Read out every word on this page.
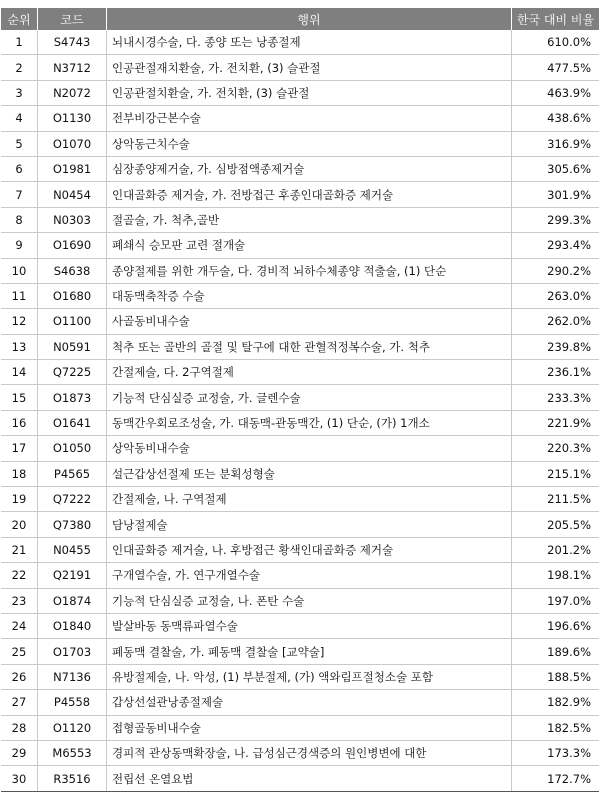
순위	코드	행위	한국 대비 비율
1	S4743	뇌내시경수술, 다. 종양 또는 낭종절제	610.0%
2	N3712	인공관절재치환술, 가. 전치환, (3) 슬관절	477.5%
3	N2072	인공관절치환술, 가. 전치환, (3) 슬관절	463.9%
4	O1130	전부비강근본수술	438.6%
5	O1070	상악동근치수술	316.9%
6	O1981	심장종양제거술, 가. 심방점액종제거술	305.6%
7	N0454	인대골화증 제거술, 가. 전방접근 후종인대골화증 제거술	301.9%
8	N0303	절골술, 가. 척추,골반	299.3%
9	O1690	폐쇄식 승모판 교련 절개술	293.4%
10	S4638	종양절제를 위한 개두술, 다. 경비적 뇌하수체종양 적출술, (1) 단순	290.2%
11	O1680	대동맥축착증 수술	263.0%
12	O1100	사골동비내수술	262.0%
13	N0591	척추 또는 골반의 골절 및 탈구에 대한 관혈적정복수술, 가. 척추	239.8%
14	Q7225	간절제술, 다. 2구역절제	236.1%
15	O1873	기능적 단심실증 교정술, 가. 글렌수술	233.3%
16	O1641	동맥간우회로조성술, 가. 대동맥-관동맥간, (1) 단순, (가) 1개소	221.9%
17	O1050	상악동비내수술	220.3%
18	P4565	설근갑상선절제 또는 분획성형술	215.1%
19	Q7222	간절제술, 나. 구역절제	211.5%
20	Q7380	담낭절제술	205.5%
21	N0455	인대골화증 제거술, 나. 후방접근 황색인대골화증 제거술	201.2%
22	Q2191	구개열수술, 가. 연구개열수술	198.1%
23	O1874	기능적 단심실증 교정술, 나. 폰탄 수술	197.0%
24	O1840	발살바동 동맥류파열수술	196.6%
25	O1703	폐동맥 결찰술, 가. 폐동맥 결찰술 [교약술]	189.6%
26	N7136	유방절제술, 나. 악성, (1) 부분절제, (가) 액와림프절청소술 포함	188.5%
27	P4558	갑상선설관낭종절제술	182.9%
28	O1120	접형골동비내수술	182.5%
29	M6553	경피적 관상동맥확장술, 나. 급성심근경색증의 원인병변에 대한	173.3%
30	R3516	전립선 온열요법	172.7%
